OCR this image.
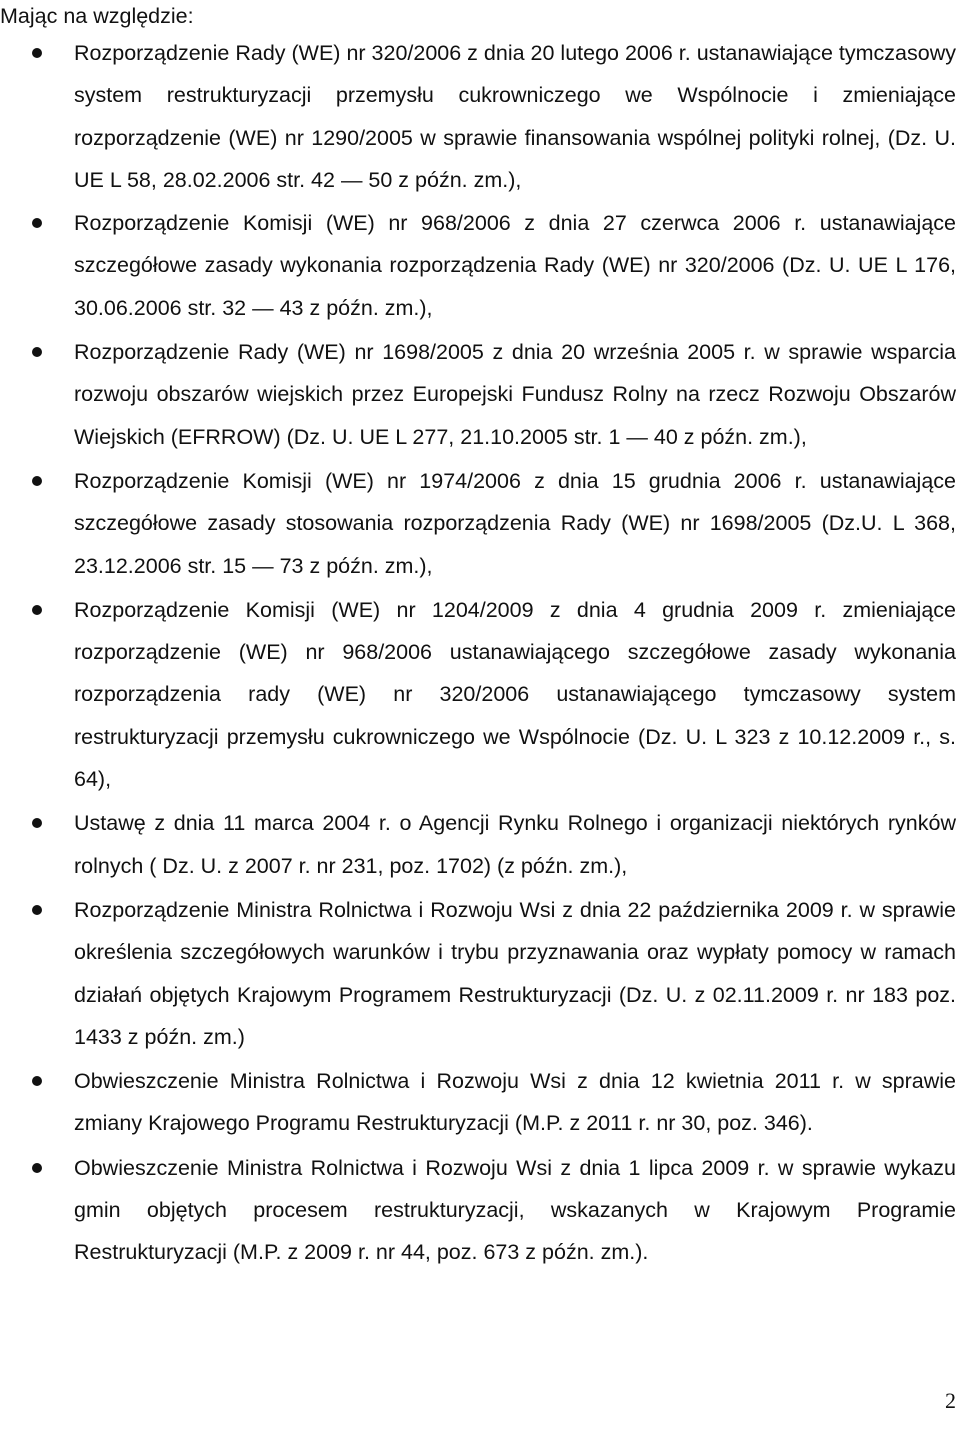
Mając na względzie:
Rozporządzenie Rady (WE) nr 320/2006 z dnia 20 lutego 2006 r. ustanawiające tymczasowy system restrukturyzacji przemysłu cukrowniczego we Wspólnocie i zmieniające rozporządzenie (WE) nr 1290/2005 w sprawie finansowania wspólnej polityki rolnej, (Dz. U. UE L 58, 28.02.2006 str. 42 — 50 z późn. zm.),
Rozporządzenie Komisji (WE) nr 968/2006 z dnia 27 czerwca 2006 r. ustanawiające szczegółowe zasady wykonania rozporządzenia Rady (WE) nr 320/2006 (Dz. U. UE L 176, 30.06.2006 str. 32 — 43 z późn. zm.),
Rozporządzenie Rady (WE) nr 1698/2005 z dnia 20 września 2005 r. w sprawie wsparcia rozwoju obszarów wiejskich przez Europejski Fundusz Rolny na rzecz Rozwoju Obszarów Wiejskich (EFRROW) (Dz. U. UE L 277, 21.10.2005 str. 1 — 40 z późn. zm.),
Rozporządzenie Komisji (WE) nr 1974/2006 z dnia 15 grudnia 2006 r. ustanawiające szczegółowe zasady stosowania rozporządzenia Rady (WE) nr 1698/2005 (Dz.U. L 368, 23.12.2006 str. 15 — 73 z późn. zm.),
Rozporządzenie Komisji (WE) nr 1204/2009 z dnia 4 grudnia 2009 r. zmieniające rozporządzenie (WE) nr 968/2006 ustanawiającego szczegółowe zasady wykonania rozporządzenia rady (WE) nr 320/2006 ustanawiającego tymczasowy system restrukturyzacji przemysłu cukrowniczego we Wspólnocie (Dz. U. L 323 z 10.12.2009 r., s. 64),
Ustawę z dnia 11 marca 2004 r. o Agencji Rynku Rolnego i organizacji niektórych rynków rolnych ( Dz. U. z 2007 r. nr 231, poz. 1702) (z późn. zm.),
Rozporządzenie Ministra Rolnictwa i Rozwoju Wsi z dnia 22 października 2009 r. w sprawie określenia szczegółowych warunków i trybu przyznawania oraz wypłaty pomocy w ramach działań objętych Krajowym Programem Restrukturyzacji (Dz. U. z 02.11.2009 r. nr 183 poz. 1433 z późn. zm.)
Obwieszczenie Ministra Rolnictwa i Rozwoju Wsi z dnia 12 kwietnia 2011 r. w sprawie zmiany Krajowego Programu Restrukturyzacji (M.P. z 2011 r. nr 30, poz. 346).
Obwieszczenie Ministra Rolnictwa i Rozwoju Wsi z dnia 1 lipca 2009 r. w sprawie wykazu gmin objętych procesem restrukturyzacji, wskazanych w Krajowym Programie Restrukturyzacji (M.P. z 2009 r. nr 44, poz. 673 z późn. zm.).
2
